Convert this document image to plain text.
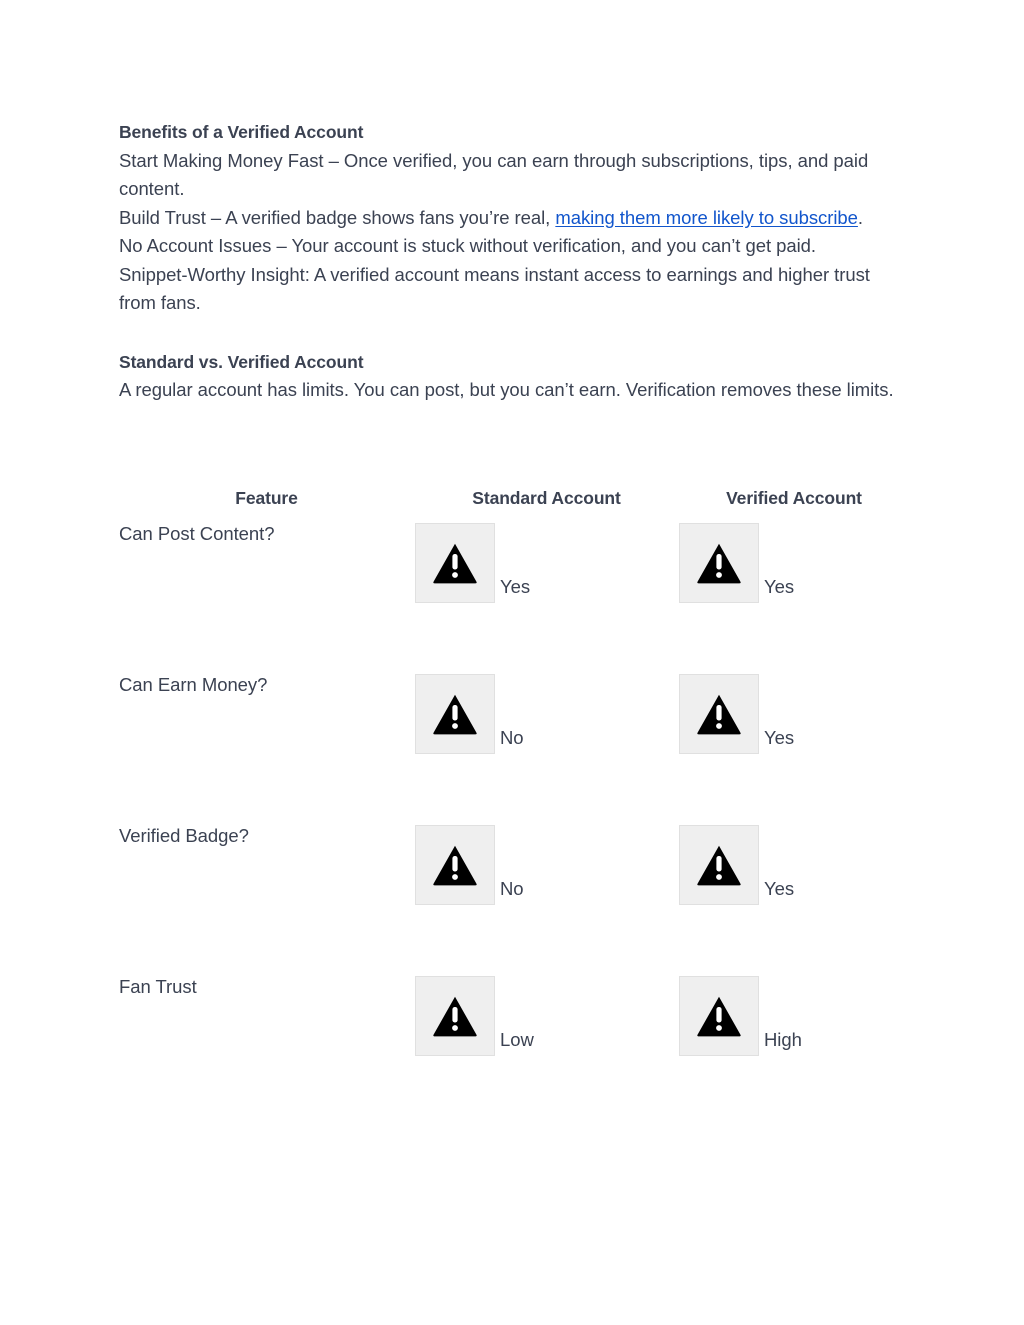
Benefits of a Verified Account

Start Making Money Fast – Once verified, you can earn through subscriptions, tips, and paid content.

Build Trust – A verified badge shows fans you’re real, making them more likely to subscribe.

No Account Issues – Your account is stuck without verification, and you can’t get paid.

Snippet-Worthy Insight: A verified account means instant access to earnings and higher trust from fans.

Standard vs. Verified Account

A regular account has limits. You can post, but you can’t earn. Verification removes these limits.

Feature	Standard Account	Verified Account
Can Post Content?	Yes	Yes

Can Earn Money?	No	Yes

Verified Badge?	No	Yes

Fan Trust	Low	High
